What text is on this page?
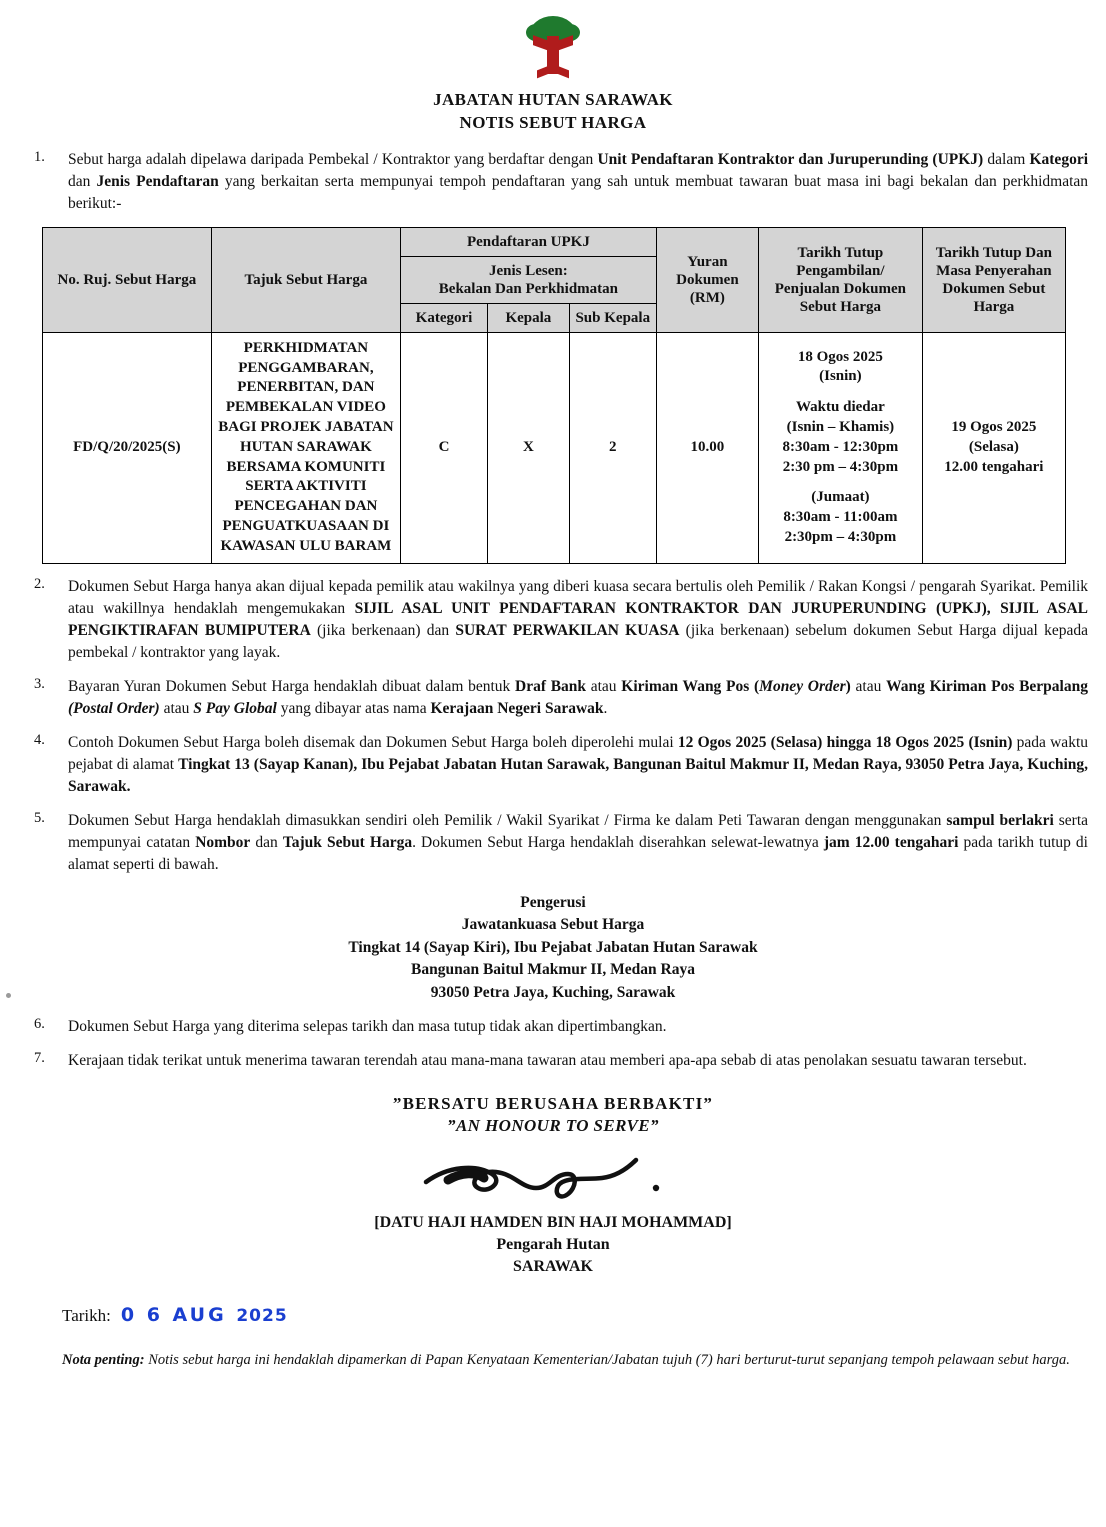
JABATAN HUTAN SARAWAK
NOTIS SEBUT HARGA
1.	Sebut harga adalah dipelawa daripada Pembekal / Kontraktor yang berdaftar dengan Unit Pendaftaran Kontraktor dan Juruperunding (UPKJ) dalam Kategori dan Jenis Pendaftaran yang berkaitan serta mempunyai tempoh pendaftaran yang sah untuk membuat tawaran buat masa ini bagi bekalan dan perkhidmatan berikut:-
No. Ruj. Sebut Harga	Tajuk Sebut Harga	Pendaftaran UPKJ			Yuran Dokumen (RM)	Tarikh Tutup Pengambilan/ Penjualan Dokumen Sebut Harga	Tarikh Tutup Dan Masa Penyerahan Dokumen Sebut Harga
		Jenis Lesen:
Bekalan Dan Perkhidmatan					
		Kategori	Kepala	Sub Kepala			
FD/Q/20/2025(S)	PERKHIDMATAN PENGGAMBARAN, PENERBITAN, DAN PEMBEKALAN VIDEO BAGI PROJEK JABATAN HUTAN SARAWAK BERSAMA KOMUNITI SERTA AKTIVITI PENCEGAHAN DAN PENGUATKUASAAN DI KAWASAN ULU BARAM	C	X	2	10.00	18 Ogos 2025
(Isnin)
Waktu diedar
(Isnin – Khamis)
8:30am - 12:30pm
2:30 pm – 4:30pm
(Jumaat)
8:30am - 11:00am
2:30pm – 4:30pm	19 Ogos 2025
(Selasa)
12.00 tengahari
2.	Dokumen Sebut Harga hanya akan dijual kepada pemilik atau wakilnya yang diberi kuasa secara bertulis oleh Pemilik / Rakan Kongsi / pengarah Syarikat. Pemilik atau wakillnya hendaklah mengemukakan SIJIL ASAL UNIT PENDAFTARAN KONTRAKTOR DAN JURUPERUNDING (UPKJ), SIJIL ASAL PENGIKTIRAFAN BUMIPUTERA (jika berkenaan) dan SURAT PERWAKILAN KUASA (jika berkenaan) sebelum dokumen Sebut Harga dijual kepada pembekal / kontraktor yang layak.
3.	Bayaran Yuran Dokumen Sebut Harga hendaklah dibuat dalam bentuk Draf Bank atau Kiriman Wang Pos (Money Order) atau Wang Kiriman Pos Berpalang (Postal Order) atau S Pay Global yang dibayar atas nama Kerajaan Negeri Sarawak.
4.	Contoh Dokumen Sebut Harga boleh disemak dan Dokumen Sebut Harga boleh diperolehi mulai 12 Ogos 2025 (Selasa) hingga 18 Ogos 2025 (Isnin) pada waktu pejabat di alamat Tingkat 13 (Sayap Kanan), Ibu Pejabat Jabatan Hutan Sarawak, Bangunan Baitul Makmur II, Medan Raya, 93050 Petra Jaya, Kuching, Sarawak.
5.	Dokumen Sebut Harga hendaklah dimasukkan sendiri oleh Pemilik / Wakil Syarikat / Firma ke dalam Peti Tawaran dengan menggunakan sampul berlakri serta mempunyai catatan Nombor dan Tajuk Sebut Harga. Dokumen Sebut Harga hendaklah diserahkan selewat-lewatnya jam 12.00 tengahari pada tarikh tutup di alamat seperti di bawah.
Pengerusi
Jawatankuasa Sebut Harga
Tingkat 14 (Sayap Kiri), Ibu Pejabat Jabatan Hutan Sarawak
Bangunan Baitul Makmur II, Medan Raya
93050 Petra Jaya, Kuching, Sarawak
6.	Dokumen Sebut Harga yang diterima selepas tarikh dan masa tutup tidak akan dipertimbangkan.
7.	Kerajaan tidak terikat untuk menerima tawaran terendah atau mana-mana tawaran atau memberi apa-apa sebab di atas penolakan sesuatu tawaran tersebut.
”BERSATU BERUSAHA BERBAKTI”
”AN HONOUR TO SERVE”
[DATU HAJI HAMDEN BIN HAJI MOHAMMAD]
Pengarah Hutan
SARAWAK
Tarikh: 0 6 AUG 2025
Nota penting: Notis sebut harga ini hendaklah dipamerkan di Papan Kenyataan Kementerian/Jabatan tujuh (7) hari berturut-turut sepanjang tempoh pelawaan sebut harga.
